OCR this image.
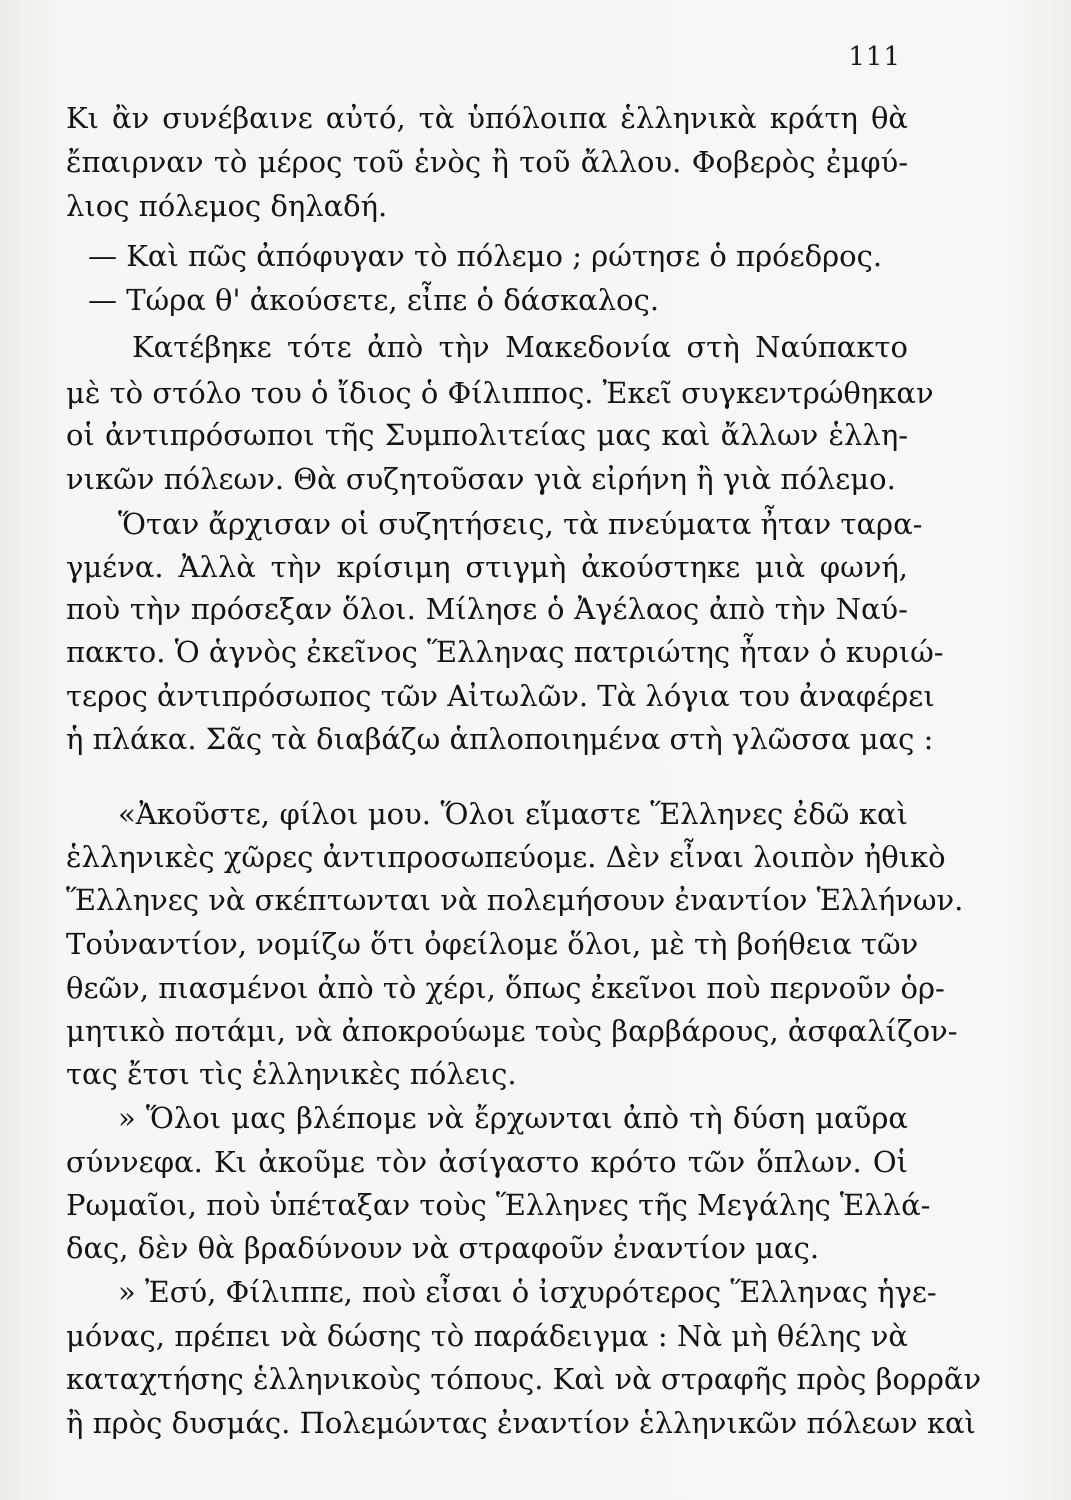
111
Κι ἂν συνέβαινε αὐτό, τὰ ὑπόλοιπα ἑλληνικὰ κράτη θὰ
ἔπαιρναν τὸ μέρος τοῦ ἑνὸς ἢ τοῦ ἄλλου. Φοβερὸς ἐμφύ-
λιος πόλεμος δηλαδή.
— Καὶ πῶς ἀπόφυγαν τὸ πόλεμο ; ρώτησε ὁ πρόεδρος.
— Τώρα θ' ἀκούσετε, εἶπε ὁ δάσκαλος.
Κατέβηκε τότε ἀπὸ τὴν Μακεδονία στὴ Ναύπακτο
μὲ τὸ στόλο του ὁ ἴδιος ὁ Φίλιππος. Ἐκεῖ συγκεντρώθηκαν
οἱ ἀντιπρόσωποι τῆς Συμπολιτείας μας καὶ ἄλλων ἑλλη-
νικῶν πόλεων. Θὰ συζητοῦσαν γιὰ εἰρήνη ἢ γιὰ πόλεμο.
Ὅταν ἄρχισαν οἱ συζητήσεις, τὰ πνεύματα ἦταν ταρα-
γμένα. Ἀλλὰ τὴν κρίσιμη στιγμὴ ἀκούστηκε μιὰ φωνή,
ποὺ τὴν πρόσεξαν ὅλοι. Μίλησε ὁ Ἀγέλαος ἀπὸ τὴν Ναύ-
πακτο. Ὁ ἁγνὸς ἐκεῖνος Ἕλληνας πατριώτης ἦταν ὁ κυριώ-
τερος ἀντιπρόσωπος τῶν Αἰτωλῶν. Τὰ λόγια του ἀναφέρει
ἡ πλάκα. Σᾶς τὰ διαβάζω ἁπλοποιημένα στὴ γλῶσσα μας :
«Ἀκοῦστε, φίλοι μου. Ὅλοι εἴμαστε Ἕλληνες ἐδῶ καὶ
ἑλληνικὲς χῶρες ἀντιπροσωπεύομε. Δὲν εἶναι λοιπὸν ἠθικὸ
Ἕλληνες νὰ σκέπτωνται νὰ πολεμήσουν ἐναντίον Ἑλλήνων.
Τοὐναντίον, νομίζω ὅτι ὀφείλομε ὅλοι, μὲ τὴ βοήθεια τῶν
θεῶν, πιασμένοι ἀπὸ τὸ χέρι, ὅπως ἐκεῖνοι ποὺ περνοῦν ὁρ-
μητικὸ ποτάμι, νὰ ἀποκρούωμε τοὺς βαρβάρους, ἀσφαλίζον-
τας ἔτσι τὶς ἑλληνικὲς πόλεις.
» Ὅλοι μας βλέπομε νὰ ἔρχωνται ἀπὸ τὴ δύση μαῦρα
σύννεφα. Κι ἀκοῦμε τὸν ἀσίγαστο κρότο τῶν ὅπλων. Οἱ
Ρωμαῖοι, ποὺ ὑπέταξαν τοὺς Ἕλληνες τῆς Μεγάλης Ἑλλά-
δας, δὲν θὰ βραδύνουν νὰ στραφοῦν ἐναντίον μας.
» Ἐσύ, Φίλιππε, ποὺ εἶσαι ὁ ἰσχυρότερος Ἕλληνας ἡγε-
μόνας, πρέπει νὰ δώσης τὸ παράδειγμα : Νὰ μὴ θέλης νὰ
καταχτήσης ἑλληνικοὺς τόπους. Καὶ νὰ στραφῆς πρὸς βορρᾶν
ἢ πρὸς δυσμάς. Πολεμώντας ἐναντίον ἑλληνικῶν πόλεων καὶ
